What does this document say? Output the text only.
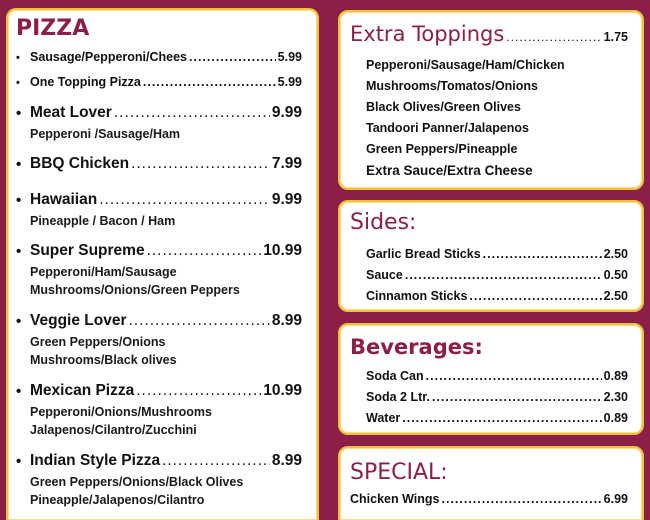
PIZZA
• Sausage/Pepperoni/Chees .....	5.99
• One Topping Pizza .....	5.99
• Meat Lover .....	9.99
Pepperoni /Sausage/Ham
• BBQ Chicken .....	7.99
• Hawaiian .....	9.99
Pineapple / Bacon / Ham
• Super Supreme .....	10.99
Pepperoni/Ham/Sausage
Mushrooms/Onions/Green Peppers
• Veggie Lover .....	8.99
Green Peppers/Onions
Mushrooms/Black olives
• Mexican Pizza .....	10.99
Pepperoni/Onions/Mushrooms
Jalapenos/Cilantro/Zucchini
• Indian Style Pizza .....	8.99
Green Peppers/Onions/Black Olives
Pineapple/Jalapenos/Cilantro
Extra Toppings .....	1.75
Pepperoni/Sausage/Ham/Chicken
Mushrooms/Tomatos/Onions
Black Olives/Green Olives
Tandoori Panner/Jalapenos
Green Peppers/Pineapple
Extra Sauce/Extra Cheese
Sides:
Garlic Bread Sticks .....	2.50
Sauce .....	0.50
Cinnamon Sticks .....	2.50
Beverages:
Soda Can .....	0.89
Soda 2 Ltr. .....	2.30
Water .....	0.89
SPECIAL:
Chicken Wings .....	6.99
